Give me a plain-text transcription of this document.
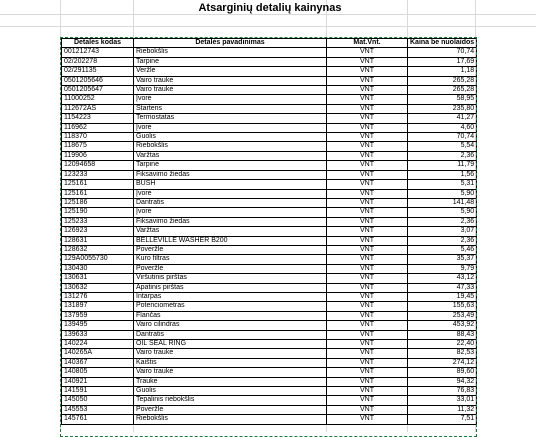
Atsarginių detalių kainynas
Detalės kodas	Detalės pavadinimas	Mat.Vnt.	Kaina be nuolaidos
001212743	Riebokšlis	VNT	70,74
02/202278	Tarpinė	VNT	17,69
02/291135	Veržlė	VNT	1,18
0501205646	Vairo traukė	VNT	265,28
0501205647	Vairo traukė	VNT	265,28
11000252	Įvorė	VNT	58,95
112672AS	Starteris	VNT	235,80
1154223	Termostatas	VNT	41,27
116962	Įvorė	VNT	4,60
118370	Guolis	VNT	70,74
118675	Riebokšlis	VNT	5,54
119906	Varžtas	VNT	2,36
12094658	Tarpinė	VNT	11,79
123233	Fiksavimo žiedas	VNT	1,56
125161	BUSH	VNT	5,31
125161	Įvorė	VNT	5,90
125186	Dantratis	VNT	141,48
125190	Įvorė	VNT	5,90
125233	Fiksavimo žiedas	VNT	2,36
126923	Varžtas	VNT	3,07
128631	BELLEVILLE WASHER B200	VNT	2,36
128632	Poveržlė	VNT	5,46
129A0055730	Kuro filtras	VNT	35,37
130430	Poveržlė	VNT	9,79
130631	Viršutinis pirštas	VNT	43,12
130632	Apatinis pirštas	VNT	47,33
131276	Intarpas	VNT	19,45
131897	Potenciometras	VNT	155,63
137959	Flančas	VNT	253,49
139495	Vairo cilindras	VNT	453,92
139633	Dantratis	VNT	88,43
140224	OIL SEAL RING	VNT	22,40
140265A	Vairo traukė	VNT	82,53
140367	Kaištis	VNT	274,12
140805	Vairo traukė	VNT	89,60
140921	Traukė	VNT	94,32
141591	Guolis	VNT	76,83
145050	Tepalinis riebokšlis	VNT	33,01
145553	Poveržlė	VNT	11,32
145761	Riebokšlis	VNT	7,51
